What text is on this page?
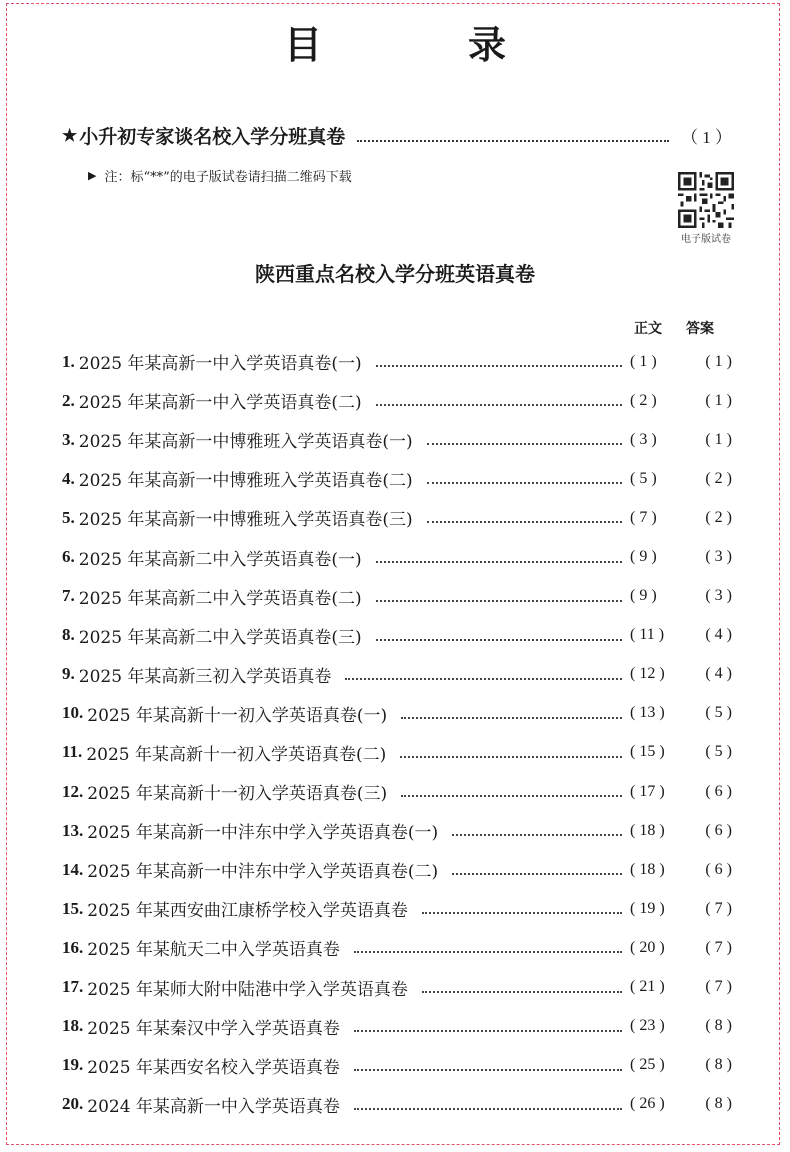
目　录
★ 小升初专家谈名校入学分班真卷	（ 1 ）
▶ 注：标“**”的电子版试卷请扫描二维码下载
电子版试卷
陕西重点名校入学分班英语真卷
正文 答案
1. 2025 年某高新一中入学英语真卷(一)	( 1 )	( 1 )
2. 2025 年某高新一中入学英语真卷(二)	( 2 )	( 1 )
3. 2025 年某高新一中博雅班入学英语真卷(一)	( 3 )	( 1 )
4. 2025 年某高新一中博雅班入学英语真卷(二)	( 5 )	( 2 )
5. 2025 年某高新一中博雅班入学英语真卷(三)	( 7 )	( 2 )
6. 2025 年某高新二中入学英语真卷(一)	( 9 )	( 3 )
7. 2025 年某高新二中入学英语真卷(二)	( 9 )	( 3 )
8. 2025 年某高新二中入学英语真卷(三)	( 11 )	( 4 )
9. 2025 年某高新三初入学英语真卷	( 12 )	( 4 )
10. 2025 年某高新十一初入学英语真卷(一)	( 13 )	( 5 )
11. 2025 年某高新十一初入学英语真卷(二)	( 15 )	( 5 )
12. 2025 年某高新十一初入学英语真卷(三)	( 17 )	( 6 )
13. 2025 年某高新一中沣东中学入学英语真卷(一)	( 18 )	( 6 )
14. 2025 年某高新一中沣东中学入学英语真卷(二)	( 18 )	( 6 )
15. 2025 年某西安曲江康桥学校入学英语真卷	( 19 )	( 7 )
16. 2025 年某航天二中入学英语真卷	( 20 )	( 7 )
17. 2025 年某师大附中陆港中学入学英语真卷	( 21 )	( 7 )
18. 2025 年某秦汉中学入学英语真卷	( 23 )	( 8 )
19. 2025 年某西安名校入学英语真卷	( 25 )	( 8 )
20. 2024 年某高新一中入学英语真卷	( 26 )	( 8 )
